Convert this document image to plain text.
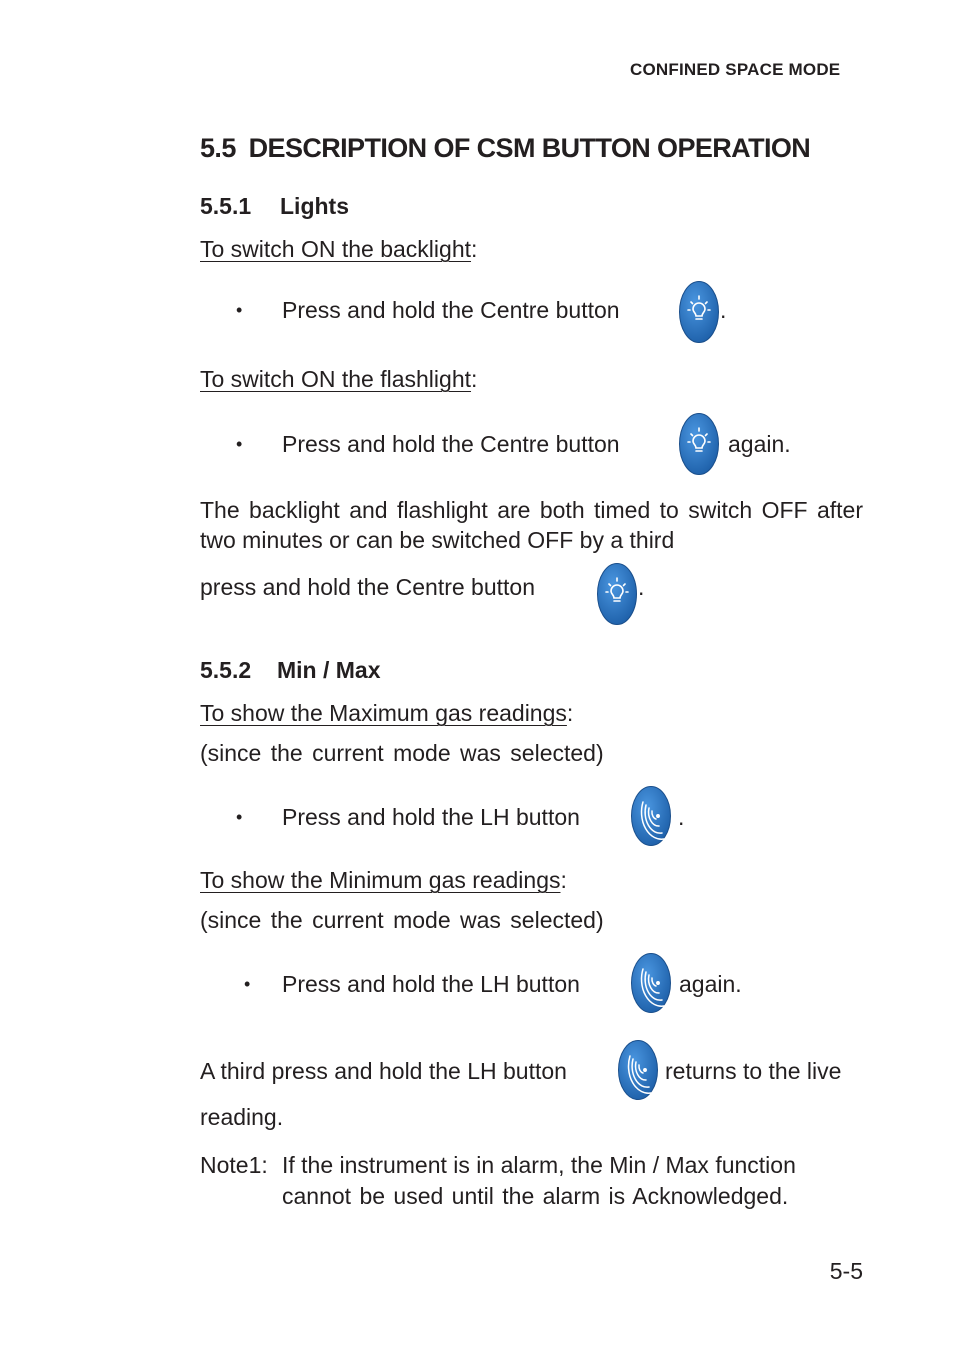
CONFINED SPACE MODE
5.5 DESCRIPTION OF CSM BUTTON OPERATION
5.5.1 Lights
To switch ON the backlight:
• Press and hold the Centre button	.
To switch ON the flashlight:
• Press and hold the Centre button	again.
The backlight and flashlight are both timed to switch OFF after two minutes or can be switched OFF by a third
press and hold the Centre button	.
5.5.2 Min / Max
To show the Maximum gas readings:
(since the current mode was selected)
• Press and hold the LH button	.
To show the Minimum gas readings:
(since the current mode was selected)
• Press and hold the LH button	again.
A third press and hold the LH button	returns to the live
reading.
Note1: If the instrument is in alarm, the Min / Max function
cannot be used until the alarm is Acknowledged.
5-5
